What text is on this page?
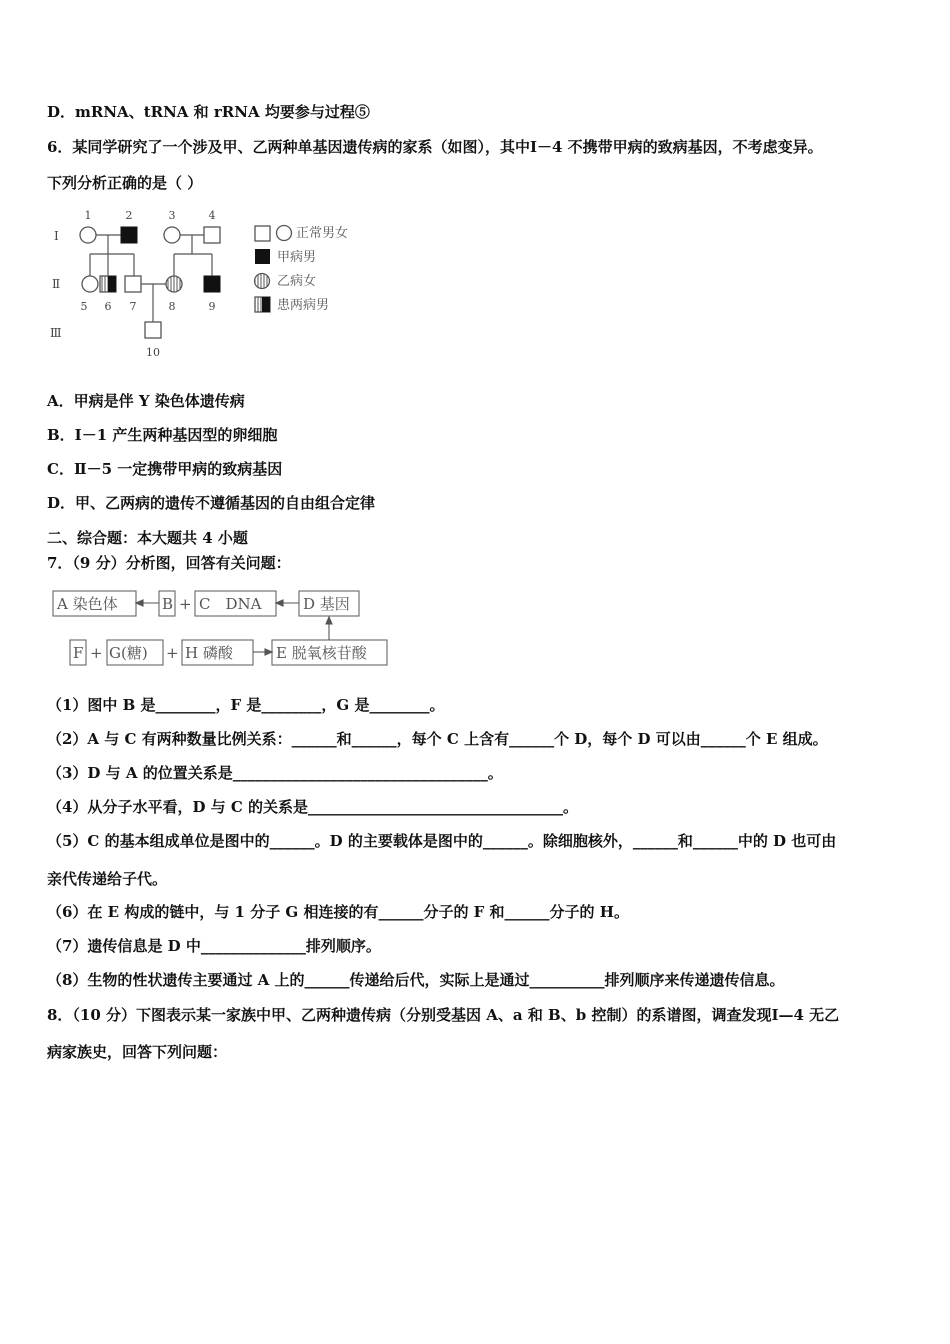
D．mRNA、tRNA 和 rRNA 均要参与过程⑤
6．某同学研究了一个涉及甲、乙两种单基因遗传病的家系（如图），其中Ⅰ－4 不携带甲病的致病基因，不考虑变异。
下列分析正确的是（ ）
Ⅰ
Ⅱ
Ⅲ
1	2	3	4
5 6 7	8	9
10
正常男女
甲病男
乙病女
患两病男
A．甲病是伴 Y 染色体遗传病
B．Ⅰ－1 产生两种基因型的卵细胞
C．Ⅱ－5 一定携带甲病的致病基因
D．甲、乙两病的遗传不遵循基因的自由组合定律
二、综合题：本大题共 4 小题
7．（9 分）分析图，回答有关问题：
A 染色体	B + C　DNA	D 基因
F + G(糖) + H 磷酸	E 脱氧核苷酸
（1）图中 B 是________，F 是________，G 是________。
（2）A 与 C 有两种数量比例关系：______和______，每个 C 上含有______个 D，每个 D 可以由______个 E 组成。
（3）D 与 A 的位置关系是__________________________________。
（4）从分子水平看，D 与 C 的关系是__________________________________。
（5）C 的基本组成单位是图中的______。D 的主要载体是图中的______。除细胞核外，______和______中的 D 也可由
亲代传递给子代。
（6）在 E 构成的链中，与 1 分子 G 相连接的有______分子的 F 和______分子的 H。
（7）遗传信息是 D 中______________排列顺序。
（8）生物的性状遗传主要通过 A 上的______传递给后代，实际上是通过__________排列顺序来传递遗传信息。
8．（10 分）下图表示某一家族中甲、乙两种遗传病（分别受基因 A、a 和 B、b 控制）的系谱图，调查发现Ⅰ—4 无乙
病家族史，回答下列问题：
